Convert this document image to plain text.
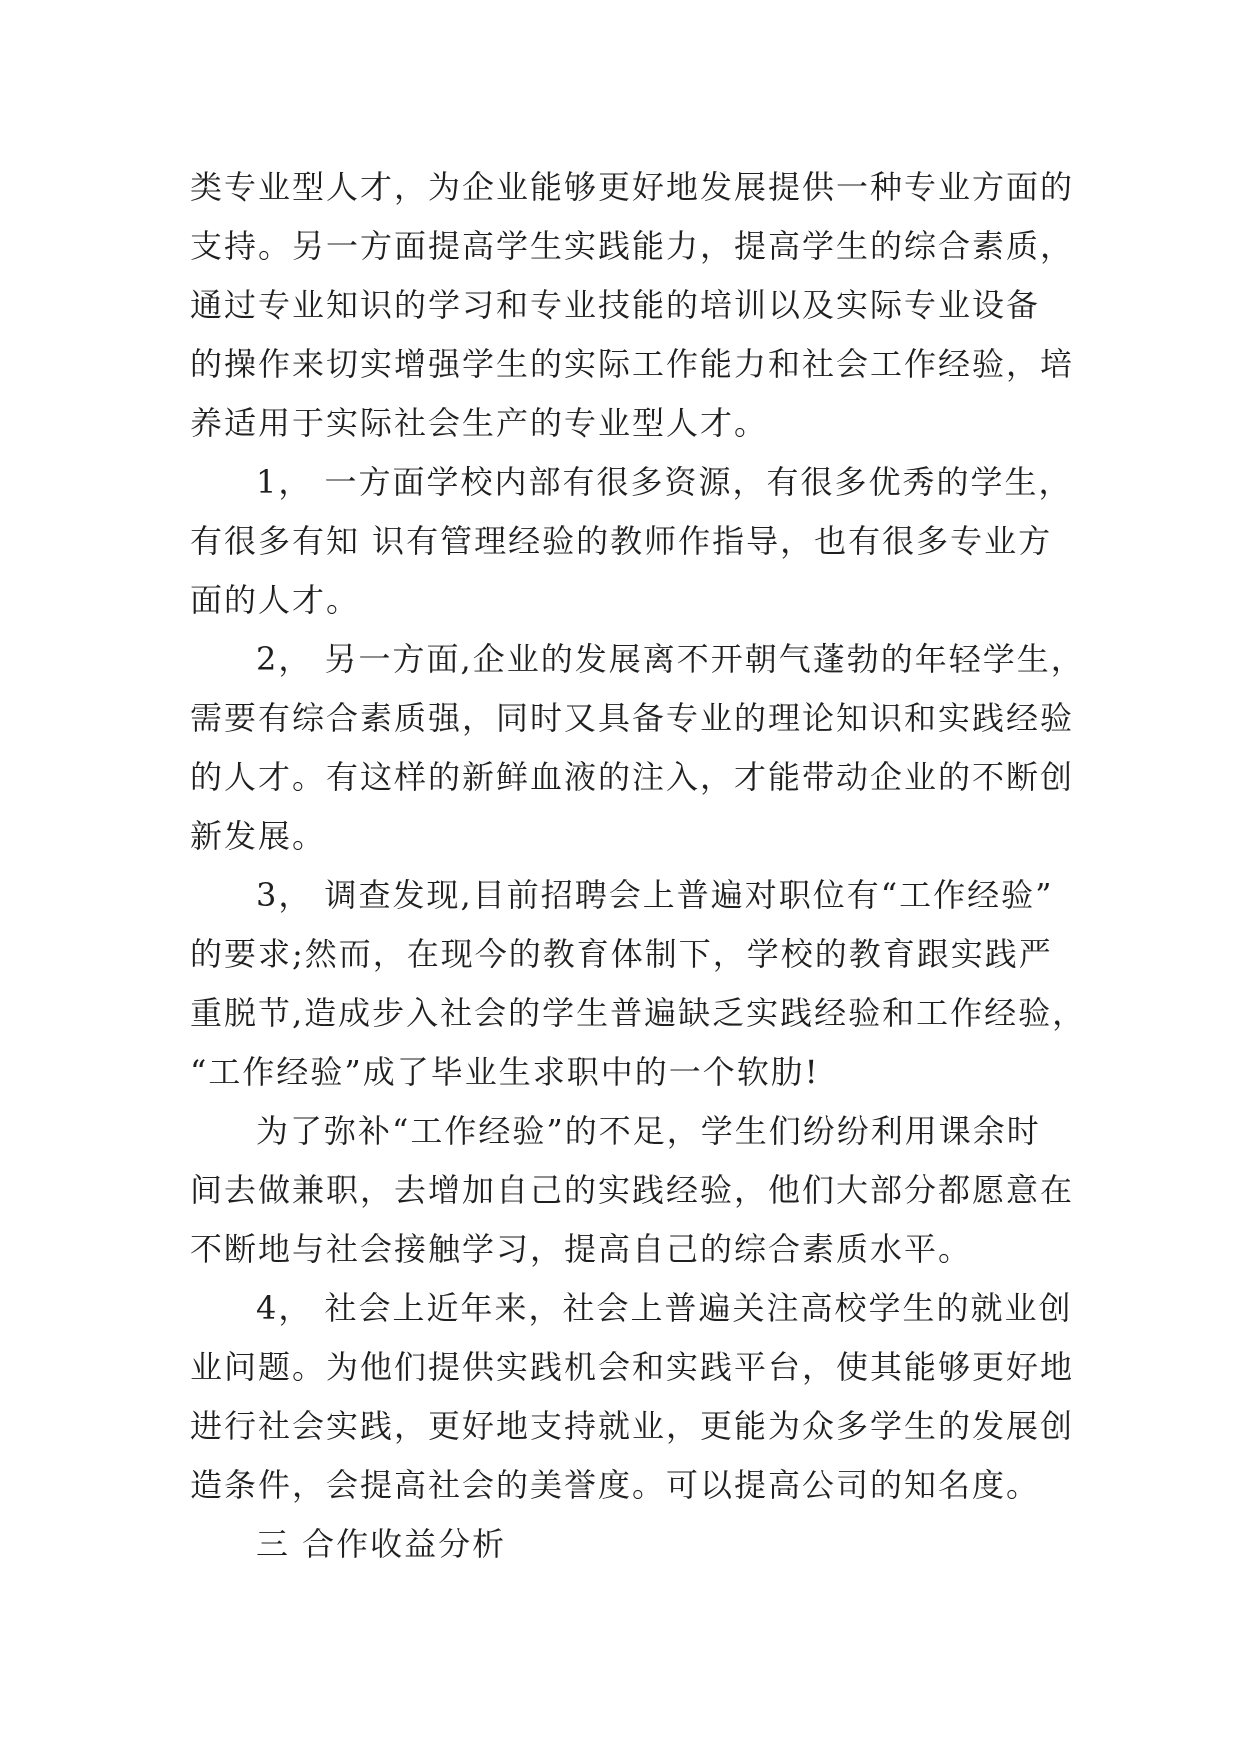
类专业型人才，为企业能够更好地发展提供一种专业方面的
支持。另一方面提高学生实践能力，提高学生的综合素质，
通过专业知识的学习和专业技能的培训以及实际专业设备
的操作来切实增强学生的实际工作能力和社会工作经验，培
养适用于实际社会生产的专业型人才。
1， 一方面学校内部有很多资源，有很多优秀的学生，
有很多有知 识有管理经验的教师作指导，也有很多专业方
面的人才。
2， 另一方面,企业的发展离不开朝气蓬勃的年轻学生，
需要有综合素质强，同时又具备专业的理论知识和实践经验
的人才。有这样的新鲜血液的注入，才能带动企业的不断创
新发展。
3， 调查发现,目前招聘会上普遍对职位有“工作经验”
的要求;然而，在现今的教育体制下，学校的教育跟实践严
重脱节,造成步入社会的学生普遍缺乏实践经验和工作经验，
“工作经验”成了毕业生求职中的一个软肋!
为了弥补“工作经验”的不足，学生们纷纷利用课余时
间去做兼职，去增加自己的实践经验，他们大部分都愿意在
不断地与社会接触学习，提高自己的综合素质水平。
4， 社会上近年来，社会上普遍关注高校学生的就业创
业问题。为他们提供实践机会和实践平台，使其能够更好地
进行社会实践，更好地支持就业，更能为众多学生的发展创
造条件，会提高社会的美誉度。可以提高公司的知名度。
三 合作收益分析
